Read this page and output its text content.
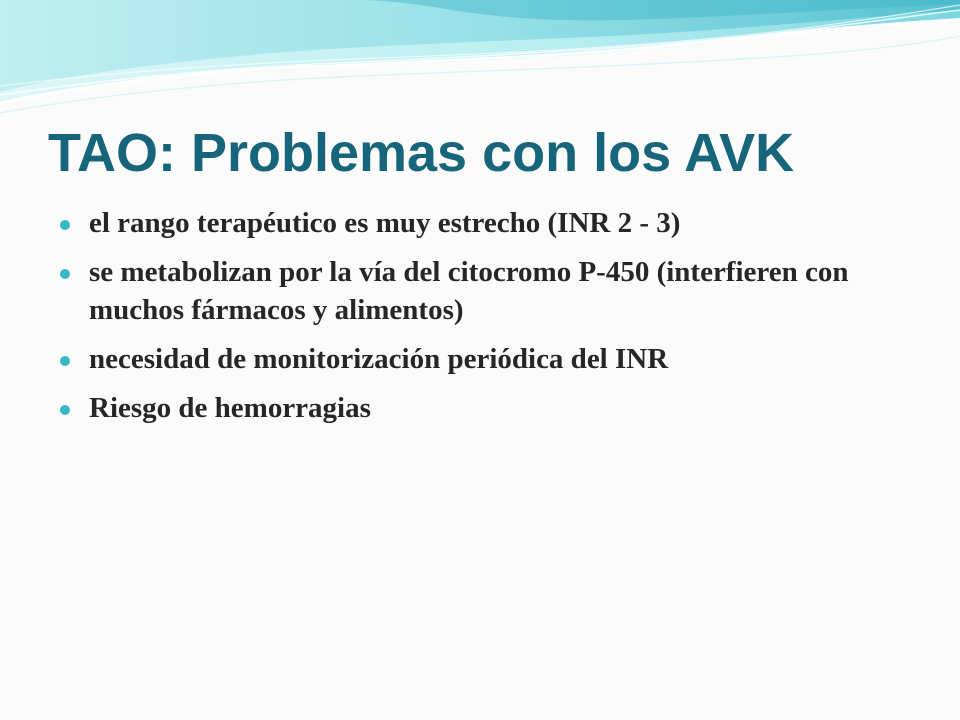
TAO: Problemas con los AVK
el rango terapéutico es muy estrecho (INR 2 - 3)
se metabolizan por la vía del citocromo P-450 (interfieren con muchos fármacos y alimentos)
necesidad de monitorización periódica del INR
Riesgo de hemorragias
